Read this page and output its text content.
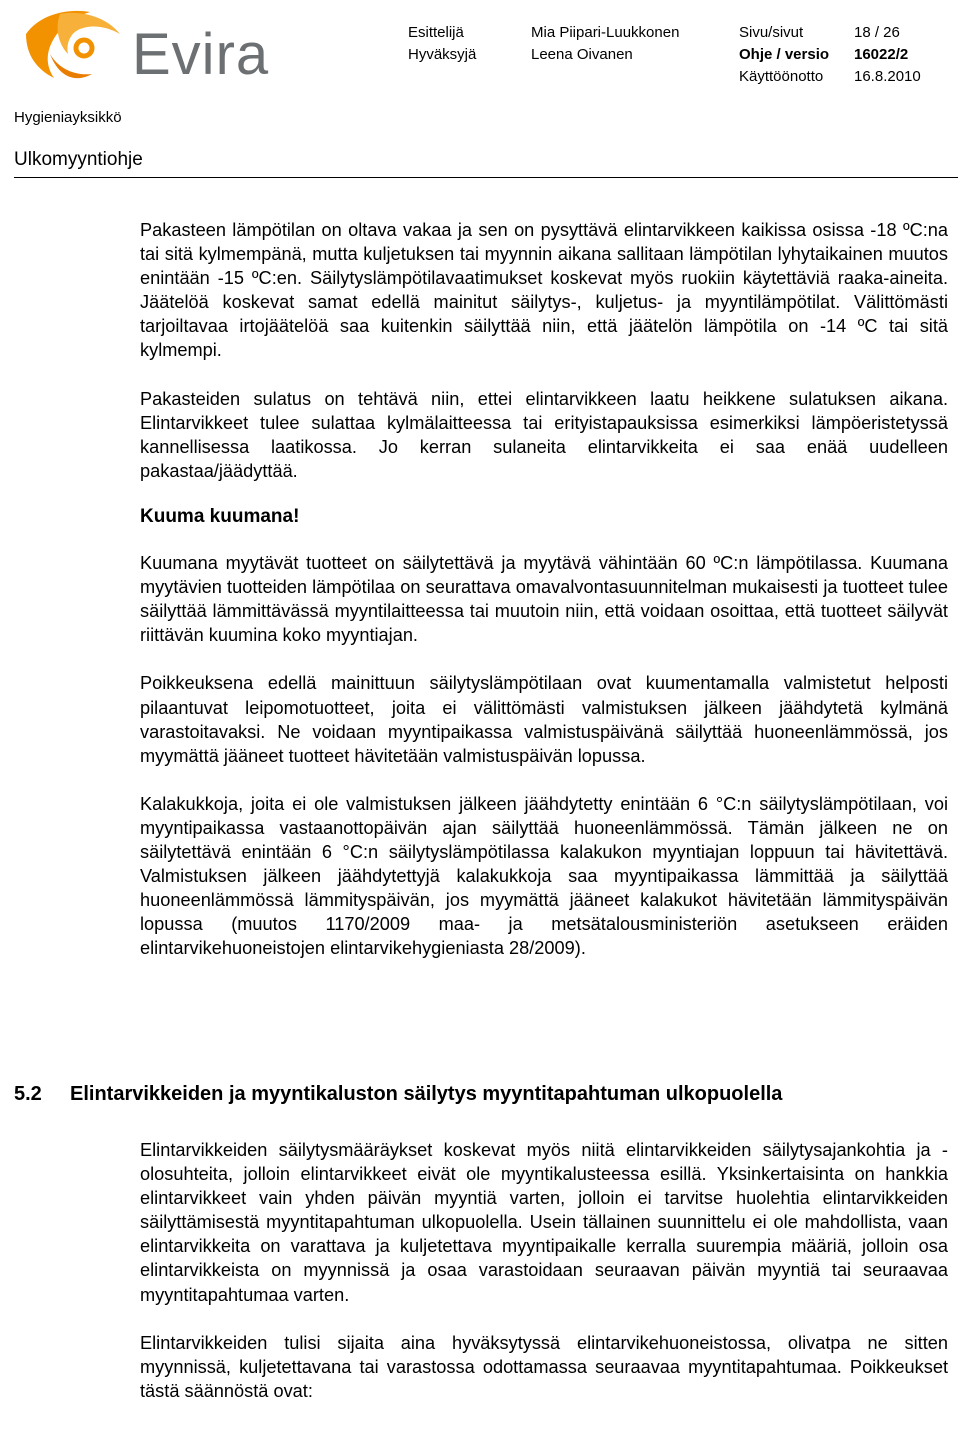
Evira	Esittelijä
Hyväksyjä
Mia Piipari-Luukkonen
Leena Oivanen
Sivu/sivut
Ohje / versio
Käyttöönotto
18 / 26
16022/2
16.8.2010
Hygieniayksikkö
Ulkomyyntiohje

Pakasteen lämpötilan on oltava vakaa ja sen on pysyttävä elintarvikkeen kaikissa osissa -18 ºC:na tai sitä kylmempänä, mutta kuljetuksen tai myynnin aikana sallitaan lämpötilan lyhytaikainen muutos enintään -15 ºC:en. Säilytyslämpötilavaatimukset koskevat myös ruokiin käytettäviä raaka-aineita. Jäätelöä koskevat samat edellä mainitut säilytys-, kuljetus- ja myyntilämpötilat. Välittömästi tarjoiltavaa irtojäätelöä saa kuitenkin säilyttää niin, että jäätelön lämpötila on -14 ºC tai sitä kylmempi.

Pakasteiden sulatus on tehtävä niin, ettei elintarvikkeen laatu heikkene sulatuksen aikana. Elintarvikkeet tulee sulattaa kylmälaitteessa tai erityistapauksissa esimerkiksi lämpöeristetyssä kannellisessa laatikossa. Jo kerran sulaneita elintarvikkeita ei saa enää uudelleen pakastaa/jäädyttää.

Kuuma kuumana!

Kuumana myytävät tuotteet on säilytettävä ja myytävä vähintään 60 ºC:n lämpötilassa. Kuumana myytävien tuotteiden lämpötilaa on seurattava omavalvontasuunnitelman mukaisesti ja tuotteet tulee säilyttää lämmittävässä myyntilaitteessa tai muutoin niin, että voidaan osoittaa, että tuotteet säilyvät riittävän kuumina koko myyntiajan.

Poikkeuksena edellä mainittuun säilytyslämpötilaan ovat kuumentamalla valmistetut helposti pilaantuvat leipomotuotteet, joita ei välittömästi valmistuksen jälkeen jäähdytetä kylmänä varastoitavaksi. Ne voidaan myyntipaikassa valmistuspäivänä säilyttää huoneenlämmössä, jos myymättä jääneet tuotteet hävitetään valmistuspäivän lopussa.

Kalakukkoja, joita ei ole valmistuksen jälkeen jäähdytetty enintään 6 °C:n säilytyslämpötilaan, voi myyntipaikassa vastaanottopäivän ajan säilyttää huoneenlämmössä. Tämän jälkeen ne on säilytettävä enintään 6 °C:n säilytyslämpötilassa kalakukon myyntiajan loppuun tai hävitettävä. Valmistuksen jälkeen jäähdytettyjä kalakukkoja saa myyntipaikassa lämmittää ja säilyttää huoneenlämmössä lämmityspäivän, jos myymättä jääneet kalakukot hävitetään lämmityspäivän lopussa (muutos 1170/2009 maa- ja metsätalousministeriön asetukseen eräiden elintarvikehuoneistojen elintarvikehygieniasta 28/2009).

5.2 Elintarvikkeiden ja myyntikaluston säilytys myyntitapahtuman ulkopuolella

Elintarvikkeiden säilytysmääräykset koskevat myös niitä elintarvikkeiden säilytysajankohtia ja -olosuhteita, jolloin elintarvikkeet eivät ole myyntikalusteessa esillä. Yksinkertaisinta on hankkia elintarvikkeet vain yhden päivän myyntiä varten, jolloin ei tarvitse huolehtia elintarvikkeiden säilyttämisestä myyntitapahtuman ulkopuolella. Usein tällainen suunnittelu ei ole mahdollista, vaan elintarvikkeita on varattava ja kuljetettava myyntipaikalle kerralla suurempia määriä, jolloin osa elintarvikkeista on myynnissä ja osaa varastoidaan seuraavan päivän myyntiä tai seuraavaa myyntitapahtumaa varten.

Elintarvikkeiden tulisi sijaita aina hyväksytyssä elintarvikehuoneistossa, olivatpa ne sitten myynnissä, kuljetettavana tai varastossa odottamassa seuraavaa myyntitapahtumaa. Poikkeukset tästä säännöstä ovat:
